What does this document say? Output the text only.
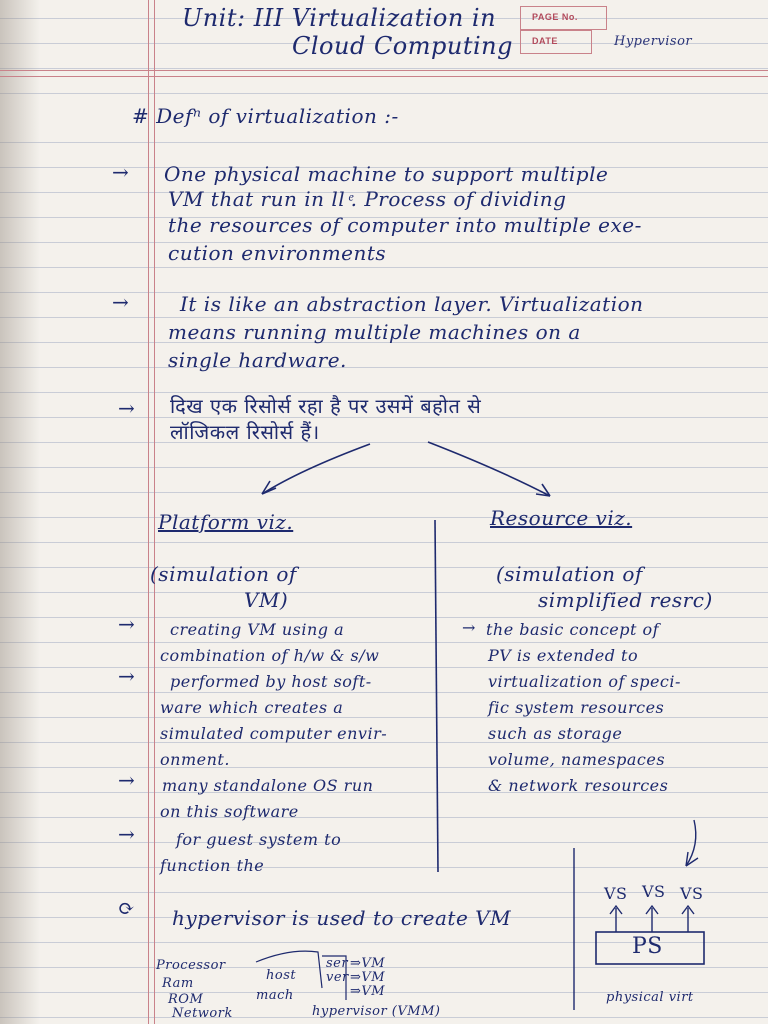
Unit: III Virtualization in
Cloud Computing
PAGE No.
DATE	Hypervisor
# Defⁿ of virtualization :-
→ One physical machine to support multiple
VM that run in ll ͤ. Process of dividing
the resources of computer into multiple exe-
cution environments
→	It is like an abstraction layer. Virtualization
means running multiple machines on a
single hardware.
→ दिख एक रिसोर्स रहा है पर उसमें बहोत से
लॉजिकल रिसोर्स हैं।
Platform viz.
(simulation of
VM)
→ creating VM using a
combination of h/w & s/w
→ performed by host soft-
ware which creates a
simulated computer envir-
onment.
→ many standalone OS run
on this software
→	for guest system to
function the
Resource viz.
(simulation of
simplified resrc)
→ the basic concept of
PV is extended to
virtualization of speci-
fic system resources
such as storage
volume, namespaces
& network resources
⟳ hypervisor is used to create VM
Processor
Ram
ROM
Network
host
mach
ser
ver
⇒VM
⇒VM
⇒VM
hypervisor (VMM)
VS VS VS
PS
physical virt
